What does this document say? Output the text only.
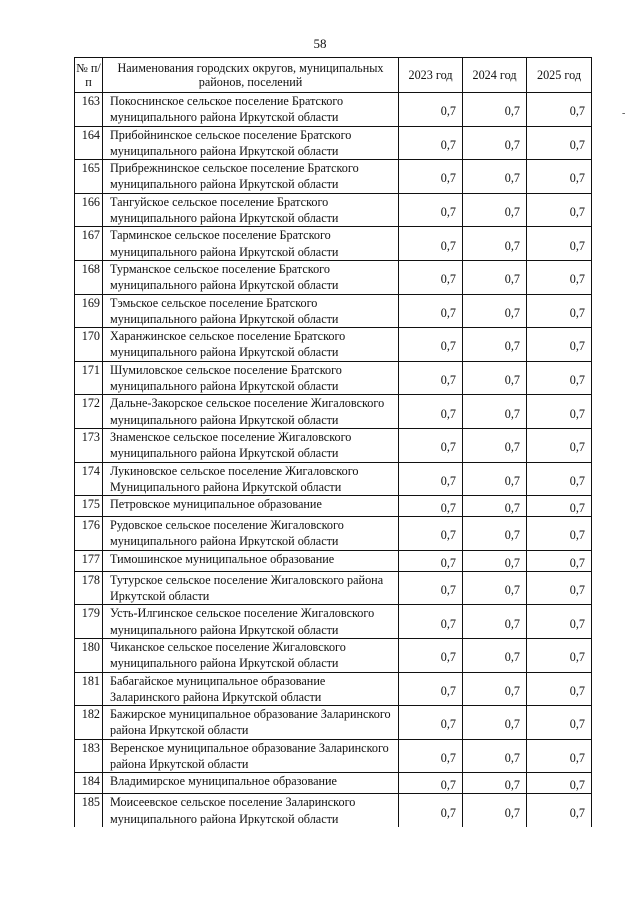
58
-
№ п/п	Наименования городских округов, муниципальных районов, поселений	2023 год	2024 год	2025 год
163	Покоснинское сельское поселение Братского муниципального района Иркутской области	0,7	0,7	0,7
164	Прибойнинское сельское поселение Братского муниципального района Иркутской области	0,7	0,7	0,7
165	Прибрежнинское сельское поселение Братского муниципального района Иркутской области	0,7	0,7	0,7
166	Тангуйское сельское поселение Братского муниципального района Иркутской области	0,7	0,7	0,7
167	Тарминское сельское поселение Братского муниципального района Иркутской области	0,7	0,7	0,7
168	Турманское сельское поселение Братского муниципального района Иркутской области	0,7	0,7	0,7
169	Тэмьское сельское поселение Братского муниципального района Иркутской области	0,7	0,7	0,7
170	Харанжинское сельское поселение Братского муниципального района Иркутской области	0,7	0,7	0,7
171	Шумиловское сельское поселение Братского муниципального района Иркутской области	0,7	0,7	0,7
172	Дальне-Закорское сельское поселение Жигаловского муниципального района Иркутской области	0,7	0,7	0,7
173	Знаменское сельское поселение Жигаловского муниципального района Иркутской области	0,7	0,7	0,7
174	Лукиновское сельское поселение Жигаловского Муниципального района Иркутской области	0,7	0,7	0,7
175	Петровское муниципальное образование	0,7	0,7	0,7
176	Рудовское сельское поселение Жигаловского муниципального района Иркутской области	0,7	0,7	0,7
177	Тимошинское муниципальное образование	0,7	0,7	0,7
178	Тутурское сельское поселение Жигаловского района Иркутской области	0,7	0,7	0,7
179	Усть-Илгинское сельское поселение Жигаловского муниципального района Иркутской области	0,7	0,7	0,7
180	Чиканское сельское поселение Жигаловского муниципального района Иркутской области	0,7	0,7	0,7
181	Бабагайское муниципальное образование Заларинского района Иркутской области	0,7	0,7	0,7
182	Бажирское муниципальное образование Заларинского района Иркутской области	0,7	0,7	0,7
183	Веренское муниципальное образование Заларинского района Иркутской области	0,7	0,7	0,7
184	Владимирское муниципальное образование	0,7	0,7	0,7
185	Моисеевское сельское поселение Заларинского муниципального района Иркутской области	0,7	0,7	0,7
